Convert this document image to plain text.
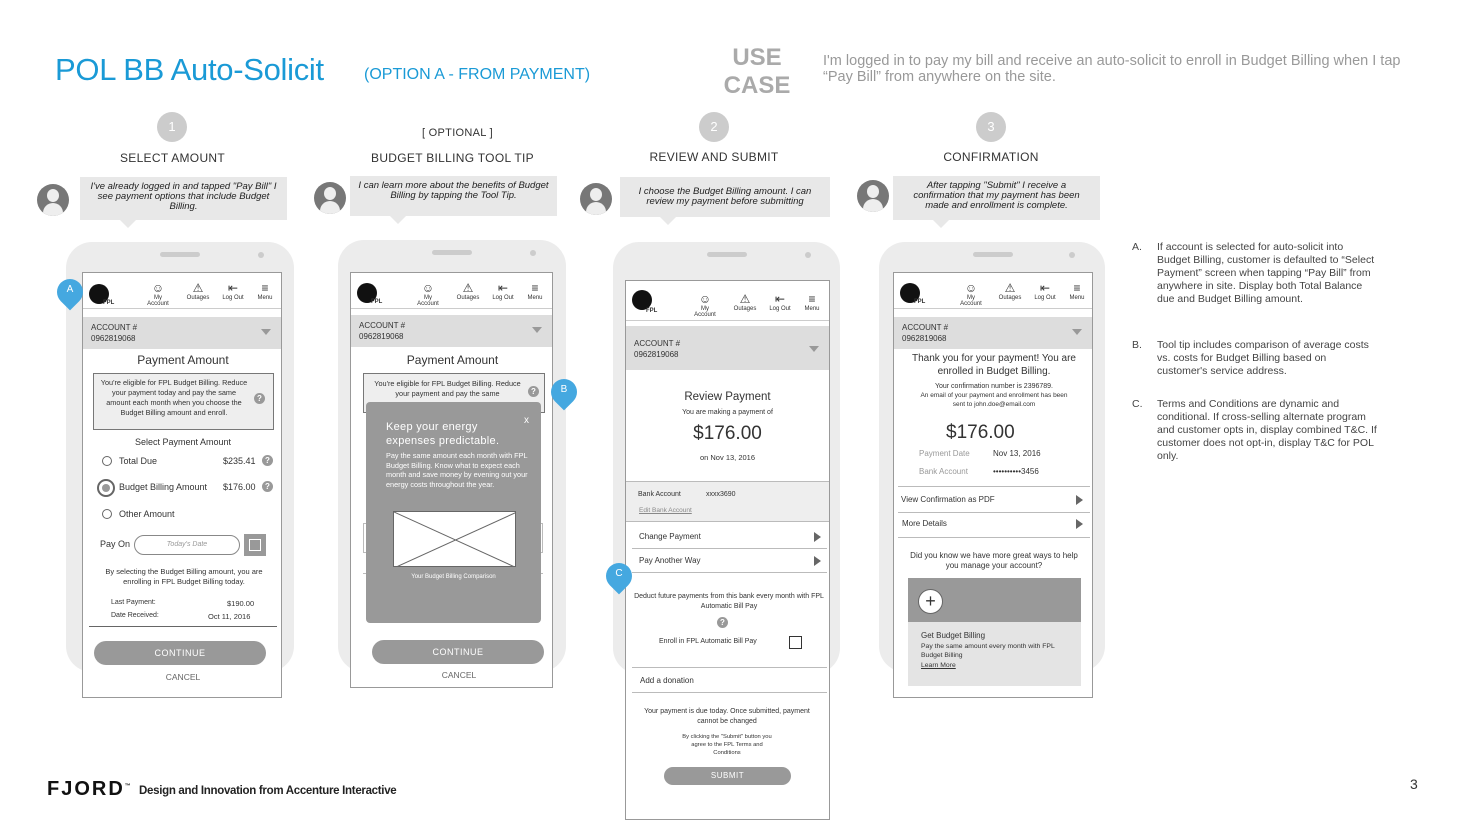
POL BB Auto-Solicit	(OPTION A - FROM PAYMENT)
USE
CASE
I'm logged in to pay my bill and receive an auto-solicit to enroll in Budget Billing when I tap “Pay Bill” from anywhere on the site.
1
SELECT AMOUNT
[ OPTIONAL ]
BUDGET BILLING TOOL TIP
2
REVIEW AND SUBMIT
3
CONFIRMATION
I've already logged in and tapped "Pay Bill" I see payment options that include Budget Billing.
I can learn more about the benefits of Budget Billing by tapping the Tool Tip.	I choose the Budget Billing amount. I can review my payment before submitting
After tapping "Submit" I receive a confirmation that my payment has been made and enrollment is complete.
FPL
☺
My Account
⚠
Outages
⇤
Log Out
≡
Menu
ACCOUNT #
0962819068
Payment Amount
You're eligible for FPL Budget Billing. Reduce your payment today and pay the same amount each month when you choose the Budget Billing amount and enroll.
?
Select Payment Amount
Total Due	$235.41	?
Budget Billing Amount $176.00	?
Other Amount
Pay On	Today's Date
By selecting the Budget Billing amount, you are enrolling in FPL Budget Billing today.
Last Payment:	$190.00
Date Received:	Oct 11, 2016
CONTINUE
CANCEL
A
FPL
☺
My Account
⚠
Outages
⇤
Log Out
≡
Menu
ACCOUNT #
0962819068
Payment Amount
You're eligible for FPL Budget Billing. Reduce your payment and pay the same	?
CONTINUE
CANCEL
Keep your energy expenses predictable.
x
Pay the same amount each month with FPL Budget Billing. Know what to expect each month and save money by evening out your energy costs throughout the year.
Your Budget Billing Comparison
B
FPL
☺
My Account
⚠
Outages
⇤
Log Out
≡
Menu
ACCOUNT #
0962819068
Review Payment
You are making a payment of
$176.00
on Nov 13, 2016
Bank Account	xxxx3690
Edit Bank Account
Change Payment
Pay Another Way
Deduct future payments from this bank every month with FPL Automatic Bill Pay
?
Enroll in FPL Automatic Bill Pay
Add a donation
Your payment is due today. Once submitted, payment cannot be changed
By clicking the "Submit" button you agree to the FPL Terms and Conditions
SUBMIT
C
FPL
☺
My Account
⚠
Outages
⇤
Log Out
≡
Menu
ACCOUNT #
0962819068
Thank you for your payment! You are enrolled in Budget Billing.
Your confirmation number is 2396789.
An email of your payment and enrollment has been sent to john.doe@email.com
$176.00
Payment Date	Nov 13, 2016
Bank Account	••••••••••3456
View Confirmation as PDF
More Details
Did you know we have more great ways to help you manage your account?
+
Get Budget Billing
Pay the same amount every month with FPL Budget Billing
Learn More
A. If account is selected for auto-solicit into Budget Billing, customer is defaulted to “Select Payment” screen when tapping “Pay Bill” from anywhere in site. Display both Total Balance due and Budget Billing amount.
B. Tool tip includes comparison of average costs vs. costs for Budget Billing based on customer's service address.
C. Terms and Conditions are dynamic and conditional. If cross-selling alternate program and customer opts in, display combined T&C. If customer does not opt-in, display T&C for POL only.
FJORD™ Design and Innovation from Accenture Interactive	3
